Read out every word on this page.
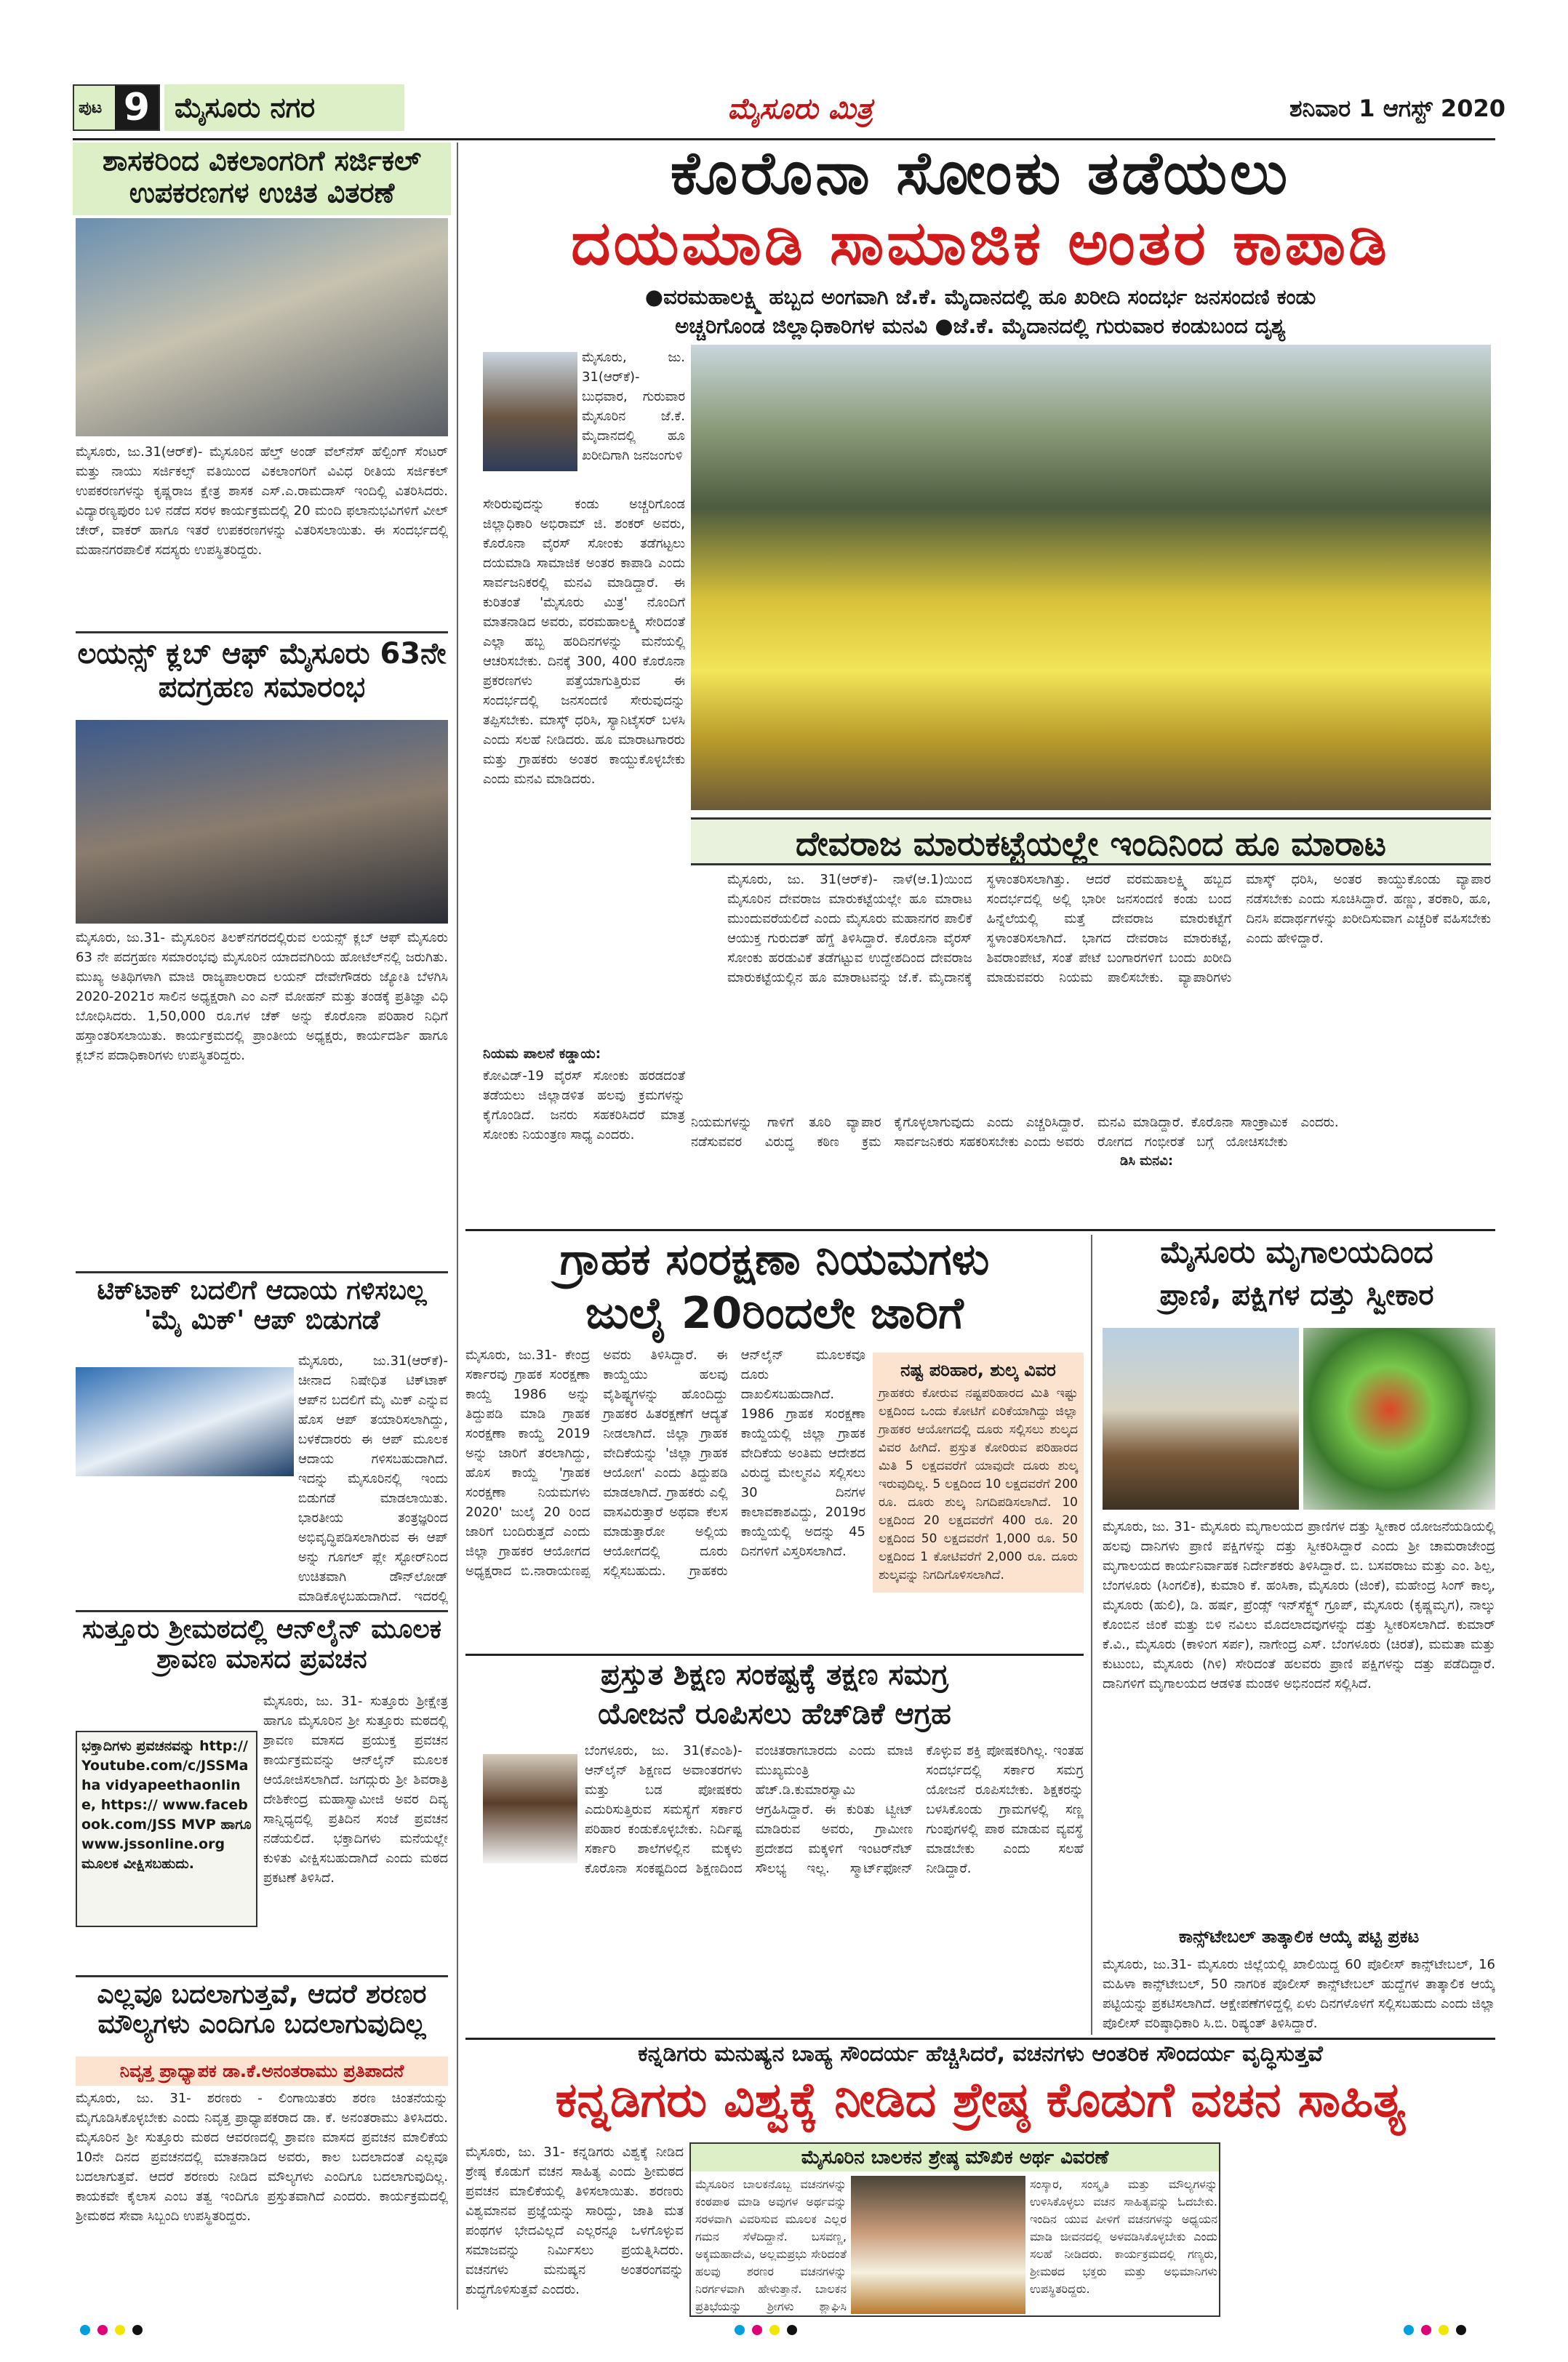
ಪುಟ 9 ಮೈಸೂರು ನಗರ	ಮೈಸೂರು ಮಿತ್ರ	ಶನಿವಾರ 1 ಆಗಸ್ಟ್ 2020
ಶಾಸಕರಿಂದ ವಿಕಲಾಂಗರಿಗೆ ಸರ್ಜಿಕಲ್ ಉಪಕರಣಗಳ ಉಚಿತ ವಿತರಣೆ
ಮೈಸೂರು, ಜು.31(ಆರ್‌ಕೆ)- ಮೈಸೂರಿನ ಹೆಲ್ತ್ ಅಂಡ್ ವೆಲ್‌ನೆಸ್ ಹೆಲ್ಪಿಂಗ್ ಸೆಂಟರ್ ಮತ್ತು ನಾಯು ಸರ್ಜಿಕಲ್ಸ್ ವತಿಯಿಂದ ವಿಕಲಾಂಗರಿಗೆ ವಿವಿಧ ರೀತಿಯ ಸರ್ಜಿಕಲ್ ಉಪಕರಣಗಳನ್ನು ಕೃಷ್ಣರಾಜ ಕ್ಷೇತ್ರ ಶಾಸಕ ಎಸ್.ಎ.ರಾಮದಾಸ್ ಇಂದಿಲ್ಲಿ ವಿತರಿಸಿದರು. ವಿದ್ಯಾರಣ್ಯಪುರಂ ಬಳಿ ನಡೆದ ಸರಳ ಕಾರ್ಯಕ್ರಮದಲ್ಲಿ 20 ಮಂದಿ ಫಲಾನುಭವಿಗಳಿಗೆ ವೀಲ್ ಚೇರ್, ವಾಕರ್ ಹಾಗೂ ಇತರೆ ಉಪಕರಣಗಳನ್ನು ವಿತರಿಸಲಾಯಿತು. ಈ ಸಂದರ್ಭದಲ್ಲಿ ಮಹಾನಗರಪಾಲಿಕೆ ಸದಸ್ಯರು ಉಪಸ್ಥಿತರಿದ್ದರು.
ಲಯನ್ಸ್ ಕ್ಲಬ್ ಆಫ್ ಮೈಸೂರು 63ನೇ ಪದಗ್ರಹಣ ಸಮಾರಂಭ
ಮೈಸೂರು, ಜು.31- ಮೈಸೂರಿನ ತಿಲಕ್‌ನಗರದಲ್ಲಿರುವ ಲಯನ್ಸ್ ಕ್ಲಬ್ ಆಫ್ ಮೈಸೂರು 63 ನೇ ಪದಗ್ರಹಣ ಸಮಾರಂಭವು ಮೈಸೂರಿನ ಯಾದವಗಿರಿಯ ಹೋಟೆಲ್‌ನಲ್ಲಿ ಜರುಗಿತು. ಮುಖ್ಯ ಅತಿಥಿಗಳಾಗಿ ಮಾಜಿ ರಾಜ್ಯಪಾಲರಾದ ಲಯನ್ ದೇವೇಗೌಡರು ಜ್ಯೋತಿ ಬೆಳಗಿಸಿ 2020-2021ರ ಸಾಲಿನ ಅಧ್ಯಕ್ಷರಾಗಿ ಎಂ ಎನ್ ಮೋಹನ್ ಮತ್ತು ತಂಡಕ್ಕೆ ಪ್ರತಿಜ್ಞಾ ವಿಧಿ ಬೋಧಿಸಿದರು. 1,50,000 ರೂ.ಗಳ ಚೆಕ್ ಅನ್ನು ಕೊರೊನಾ ಪರಿಹಾರ ನಿಧಿಗೆ ಹಸ್ತಾಂತರಿಸಲಾಯಿತು. ಕಾರ್ಯಕ್ರಮದಲ್ಲಿ ಪ್ರಾಂತೀಯ ಅಧ್ಯಕ್ಷರು, ಕಾರ್ಯದರ್ಶಿ ಹಾಗೂ ಕ್ಲಬ್‌ನ ಪದಾಧಿಕಾರಿಗಳು ಉಪಸ್ಥಿತರಿದ್ದರು.
ಟಿಕ್‌ಟಾಕ್ ಬದಲಿಗೆ ಆದಾಯ ಗಳಿಸಬಲ್ಲ 'ಮೈ ಮಿಕ್' ಆಪ್ ಬಿಡುಗಡೆ
ಮೈಸೂರು, ಜು.31(ಆರ್‌ಕೆ)- ಚೀನಾದ ನಿಷೇಧಿತ ಟಿಕ್‌ಟಾಕ್ ಆಪ್‌ನ ಬದಲಿಗೆ ಮೈ ಮಿಕ್ ಎನ್ನುವ ಹೊಸ ಆಪ್ ತಯಾರಿಸಲಾಗಿದ್ದು, ಬಳಕೆದಾರರು ಈ ಆಪ್ ಮೂಲಕ ಆದಾಯ ಗಳಿಸಬಹುದಾಗಿದೆ. ಇದನ್ನು ಮೈಸೂರಿನಲ್ಲಿ ಇಂದು ಬಿಡುಗಡೆ ಮಾಡಲಾಯಿತು. ಭಾರತೀಯ ತಂತ್ರಜ್ಞರಿಂದ ಅಭಿವೃದ್ಧಿಪಡಿಸಲಾಗಿರುವ ಈ ಆಪ್ ಅನ್ನು ಗೂಗಲ್ ಪ್ಲೇ ಸ್ಟೋರ್‌ನಿಂದ ಉಚಿತವಾಗಿ ಡೌನ್‌ಲೋಡ್ ಮಾಡಿಕೊಳ್ಳಬಹುದಾಗಿದೆ. ಇದರಲ್ಲಿ
ಸುತ್ತೂರು ಶ್ರೀಮಠದಲ್ಲಿ ಆನ್‌ಲೈನ್ ಮೂಲಕ ಶ್ರಾವಣ ಮಾಸದ ಪ್ರವಚನ
ಭಕ್ತಾದಿಗಳು ಪ್ರವಚನವನ್ನು http:// Youtube.com/c/JSSMaha vidyapeethaonline, https:// www.facebook.com/JSS MVP ಹಾಗೂ www.jssonline.org ಮೂಲಕ ವೀಕ್ಷಿಸಬಹುದು.
ಮೈಸೂರು, ಜು. 31- ಸುತ್ತೂರು ಶ್ರೀಕ್ಷೇತ್ರ ಹಾಗೂ ಮೈಸೂರಿನ ಶ್ರೀ ಸುತ್ತೂರು ಮಠದಲ್ಲಿ ಶ್ರಾವಣ ಮಾಸದ ಪ್ರಯುಕ್ತ ಪ್ರವಚನ ಕಾರ್ಯಕ್ರಮವನ್ನು ಆನ್‌ಲೈನ್ ಮೂಲಕ ಆಯೋಜಿಸಲಾಗಿದೆ. ಜಗದ್ಗುರು ಶ್ರೀ ಶಿವರಾತ್ರಿ ದೇಶಿಕೇಂದ್ರ ಮಹಾಸ್ವಾಮೀಜಿ ಅವರ ದಿವ್ಯ ಸಾನ್ನಿಧ್ಯದಲ್ಲಿ ಪ್ರತಿದಿನ ಸಂಜೆ ಪ್ರವಚನ ನಡೆಯಲಿದೆ. ಭಕ್ತಾದಿಗಳು ಮನೆಯಲ್ಲೇ ಕುಳಿತು ವೀಕ್ಷಿಸಬಹುದಾಗಿದೆ ಎಂದು ಮಠದ ಪ್ರಕಟಣೆ ತಿಳಿಸಿದೆ.
ಎಲ್ಲವೂ ಬದಲಾಗುತ್ತವೆ, ಆದರೆ ಶರಣರ ಮೌಲ್ಯಗಳು ಎಂದಿಗೂ ಬದಲಾಗುವುದಿಲ್ಲ
ನಿವೃತ್ತ ಪ್ರಾಧ್ಯಾಪಕ ಡಾ.ಕೆ.ಅನಂತರಾಮು ಪ್ರತಿಪಾದನೆ
ಮೈಸೂರು, ಜು. 31- ಶರಣರು - ಲಿಂಗಾಯಿತರು ಶರಣ ಚಿಂತನೆಯನ್ನು ಮೈಗೂಡಿಸಿಕೊಳ್ಳಬೇಕು ಎಂದು ನಿವೃತ್ತ ಪ್ರಾಧ್ಯಾಪಕರಾದ ಡಾ. ಕೆ. ಅನಂತರಾಮು ತಿಳಿಸಿದರು. ಮೈಸೂರಿನ ಶ್ರೀ ಸುತ್ತೂರು ಮಠದ ಆವರಣದಲ್ಲಿ ಶ್ರಾವಣ ಮಾಸದ ಪ್ರವಚನ ಮಾಲಿಕೆಯ 10ನೇ ದಿನದ ಪ್ರವಚನದಲ್ಲಿ ಮಾತನಾಡಿದ ಅವರು, ಕಾಲ ಬದಲಾದಂತೆ ಎಲ್ಲವೂ ಬದಲಾಗುತ್ತವೆ. ಆದರೆ ಶರಣರು ನೀಡಿದ ಮೌಲ್ಯಗಳು ಎಂದಿಗೂ ಬದಲಾಗುವುದಿಲ್ಲ. ಕಾಯಕವೇ ಕೈಲಾಸ ಎಂಬ ತತ್ವ ಇಂದಿಗೂ ಪ್ರಸ್ತುತವಾಗಿದೆ ಎಂದರು. ಕಾರ್ಯಕ್ರಮದಲ್ಲಿ ಶ್ರೀಮಠದ ಸೇವಾ ಸಿಬ್ಬಂದಿ ಉಪಸ್ಥಿತರಿದ್ದರು.
ಕೊರೊನಾ ಸೋಂಕು ತಡೆಯಲು
ದಯಮಾಡಿ ಸಾಮಾಜಿಕ ಅಂತರ ಕಾಪಾಡಿ
●ವರಮಹಾಲಕ್ಷ್ಮಿ ಹಬ್ಬದ ಅಂಗವಾಗಿ ಜೆ.ಕೆ. ಮೈದಾನದಲ್ಲಿ ಹೂ ಖರೀದಿ ಸಂದರ್ಭ ಜನಸಂದಣಿ ಕಂಡು
ಅಚ್ಚರಿಗೊಂಡ ಜಿಲ್ಲಾಧಿಕಾರಿಗಳ ಮನವಿ ●ಜೆ.ಕೆ. ಮೈದಾನದಲ್ಲಿ ಗುರುವಾರ ಕಂಡುಬಂದ ದೃಶ್ಯ
ಮೈಸೂರು, ಜು. 31(ಆರ್‌ಕೆ)- ಬುಧವಾರ, ಗುರುವಾರ ಮೈಸೂರಿನ ಜೆ.ಕೆ. ಮೈದಾನದಲ್ಲಿ ಹೂ ಖರೀದಿಗಾಗಿ ಜನಜಂಗುಳಿ
ಸೇರಿರುವುದನ್ನು ಕಂಡು ಅಚ್ಚರಿಗೊಂಡ ಜಿಲ್ಲಾಧಿಕಾರಿ ಅಭಿರಾಮ್ ಜಿ. ಶಂಕರ್ ಅವರು, ಕೊರೊನಾ ವೈರಸ್ ಸೋಂಕು ತಡೆಗಟ್ಟಲು ದಯಮಾಡಿ ಸಾಮಾಜಿಕ ಅಂತರ ಕಾಪಾಡಿ ಎಂದು ಸಾರ್ವಜನಿಕರಲ್ಲಿ ಮನವಿ ಮಾಡಿದ್ದಾರೆ. ಈ ಕುರಿತಂತೆ 'ಮೈಸೂರು ಮಿತ್ರ' ನೊಂದಿಗೆ ಮಾತನಾಡಿದ ಅವರು, ವರಮಹಾಲಕ್ಷ್ಮಿ ಸೇರಿದಂತೆ ಎಲ್ಲಾ ಹಬ್ಬ ಹರಿದಿನಗಳನ್ನು ಮನೆಯಲ್ಲಿ ಆಚರಿಸಬೇಕು. ದಿನಕ್ಕೆ 300, 400 ಕೊರೊನಾ ಪ್ರಕರಣಗಳು ಪತ್ತೆಯಾಗುತ್ತಿರುವ ಈ ಸಂದರ್ಭದಲ್ಲಿ ಜನಸಂದಣಿ ಸೇರುವುದನ್ನು ತಪ್ಪಿಸಬೇಕು. ಮಾಸ್ಕ್ ಧರಿಸಿ, ಸ್ಯಾನಿಟೈಸರ್ ಬಳಸಿ ಎಂದು ಸಲಹೆ ನೀಡಿದರು. ಹೂ ಮಾರಾಟಗಾರರು ಮತ್ತು ಗ್ರಾಹಕರು ಅಂತರ ಕಾಯ್ದುಕೊಳ್ಳಬೇಕು ಎಂದು ಮನವಿ ಮಾಡಿದರು.
ನಿಯಮ ಪಾಲನೆ ಕಡ್ಡಾಯ:
ಕೋವಿಡ್-19 ವೈರಸ್ ಸೋಂಕು ಹರಡದಂತೆ ತಡೆಯಲು ಜಿಲ್ಲಾಡಳಿತ ಹಲವು ಕ್ರಮಗಳನ್ನು ಕೈಗೊಂಡಿದೆ. ಜನರು ಸಹಕರಿಸಿದರೆ ಮಾತ್ರ ಸೋಂಕು ನಿಯಂತ್ರಣ ಸಾಧ್ಯ ಎಂದರು.
ದೇವರಾಜ ಮಾರುಕಟ್ಟೆಯಲ್ಲೇ ಇಂದಿನಿಂದ ಹೂ ಮಾರಾಟ
ಮೈಸೂರು, ಜು. 31(ಆರ್‌ಕೆ)- ನಾಳೆ(ಆ.1)ಯಿಂದ ಮೈಸೂರಿನ ದೇವರಾಜ ಮಾರುಕಟ್ಟೆಯಲ್ಲೇ ಹೂ ಮಾರಾಟ ಮುಂದುವರೆಯಲಿದೆ ಎಂದು ಮೈಸೂರು ಮಹಾನಗರ ಪಾಲಿಕೆ ಆಯುಕ್ತ ಗುರುದತ್ ಹೆಗ್ಡೆ ತಿಳಿಸಿದ್ದಾರೆ. ಕೊರೊನಾ ವೈರಸ್ ಸೋಂಕು ಹರಡುವಿಕೆ ತಡೆಗಟ್ಟುವ ಉದ್ದೇಶದಿಂದ ದೇವರಾಜ ಮಾರುಕಟ್ಟೆಯಲ್ಲಿನ ಹೂ ಮಾರಾಟವನ್ನು ಜೆ.ಕೆ. ಮೈದಾನಕ್ಕೆ ಸ್ಥಳಾಂತರಿಸಲಾಗಿತ್ತು. ಆದರೆ ವರಮಹಾಲಕ್ಷ್ಮಿ ಹಬ್ಬದ ಸಂದರ್ಭದಲ್ಲಿ ಅಲ್ಲಿ ಭಾರೀ ಜನಸಂದಣಿ ಕಂಡು ಬಂದ ಹಿನ್ನೆಲೆಯಲ್ಲಿ ಮತ್ತೆ ದೇವರಾಜ ಮಾರುಕಟ್ಟೆಗೆ ಸ್ಥಳಾಂತರಿಸಲಾಗಿದೆ. ಭಾಗದ ದೇವರಾಜ ಮಾರುಕಟ್ಟೆ, ಶಿವರಾಂಪೇಟೆ, ಸಂತೆ ಪೇಟೆ ಬಂಗಾರಗಳಿಗೆ ಬಂದು ಖರೀದಿ ಮಾಡುವವರು ನಿಯಮ ಪಾಲಿಸಬೇಕು. ವ್ಯಾಪಾರಿಗಳು ಮಾಸ್ಕ್ ಧರಿಸಿ, ಅಂತರ ಕಾಯ್ದುಕೊಂಡು ವ್ಯಾಪಾರ ನಡೆಸಬೇಕು ಎಂದು ಸೂಚಿಸಿದ್ದಾರೆ. ಹಣ್ಣು, ತರಕಾರಿ, ಹೂ, ದಿನಸಿ ಪದಾರ್ಥಗಳನ್ನು ಖರೀದಿಸುವಾಗ ಎಚ್ಚರಿಕೆ ವಹಿಸಬೇಕು ಎಂದು ಹೇಳಿದ್ದಾರೆ.
ನಿಯಮಗಳನ್ನು ಗಾಳಿಗೆ ತೂರಿ ವ್ಯಾಪಾರ ನಡೆಸುವವರ ವಿರುದ್ಧ ಕಠಿಣ ಕ್ರಮ ಕೈಗೊಳ್ಳಲಾಗುವುದು ಎಂದು ಎಚ್ಚರಿಸಿದ್ದಾರೆ. ಸಾರ್ವಜನಿಕರು ಸಹಕರಿಸಬೇಕು ಎಂದು ಅವರು ಮನವಿ ಮಾಡಿದ್ದಾರೆ. ಕೊರೊನಾ ಸಾಂಕ್ರಾಮಿಕ ರೋಗದ ಗಂಭೀರತೆ ಬಗ್ಗೆ ಯೋಚಿಸಬೇಕು ಎಂದರು.
ಡಿಸಿ ಮನವಿ:
ಗ್ರಾಹಕ ಸಂರಕ್ಷಣಾ ನಿಯಮಗಳು
ಜುಲೈ 20ರಿಂದಲೇ ಜಾರಿಗೆ
ಮೈಸೂರು, ಜು.31- ಕೇಂದ್ರ ಸರ್ಕಾರವು ಗ್ರಾಹಕ ಸಂರಕ್ಷಣಾ ಕಾಯ್ದೆ 1986 ಅನ್ನು ತಿದ್ದುಪಡಿ ಮಾಡಿ ಗ್ರಾಹಕ ಸಂರಕ್ಷಣಾ ಕಾಯ್ದೆ 2019 ಅನ್ನು ಜಾರಿಗೆ ತರಲಾಗಿದ್ದು, ಹೊಸ ಕಾಯ್ದೆ 'ಗ್ರಾಹಕ ಸಂರಕ್ಷಣಾ ನಿಯಮಗಳು 2020' ಜುಲೈ 20 ರಿಂದ ಜಾರಿಗೆ ಬಂದಿರುತ್ತದೆ ಎಂದು ಜಿಲ್ಲಾ ಗ್ರಾಹಕರ ಆಯೋಗದ ಅಧ್ಯಕ್ಷರಾದ ಬಿ.ನಾರಾಯಣಪ್ಪ ಅವರು ತಿಳಿಸಿದ್ದಾರೆ. ಈ ಕಾಯ್ದೆಯು ಹಲವು ವೈಶಿಷ್ಟ್ಯಗಳನ್ನು ಹೊಂದಿದ್ದು ಗ್ರಾಹಕರ ಹಿತರಕ್ಷಣೆಗೆ ಆದ್ಯತೆ ನೀಡಲಾಗಿದೆ. ಜಿಲ್ಲಾ ಗ್ರಾಹಕ ವೇದಿಕೆಯನ್ನು 'ಜಿಲ್ಲಾ ಗ್ರಾಹಕ ಆಯೋಗ' ಎಂದು ತಿದ್ದುಪಡಿ ಮಾಡಲಾಗಿದೆ. ಗ್ರಾಹಕರು ಎಲ್ಲಿ ವಾಸವಿರುತ್ತಾರೆ ಅಥವಾ ಕೆಲಸ ಮಾಡುತ್ತಾರೋ ಅಲ್ಲಿಯ ಆಯೋಗದಲ್ಲಿ ದೂರು ಸಲ್ಲಿಸಬಹುದು. ಗ್ರಾಹಕರು ಆನ್‌ಲೈನ್ ಮೂಲಕವೂ ದೂರು ದಾಖಲಿಸಬಹುದಾಗಿದೆ. 1986 ಗ್ರಾಹಕ ಸಂರಕ್ಷಣಾ ಕಾಯ್ದೆಯಲ್ಲಿ ಜಿಲ್ಲಾ ಗ್ರಾಹಕ ವೇದಿಕೆಯ ಅಂತಿಮ ಆದೇಶದ ವಿರುದ್ಧ ಮೇಲ್ಮನವಿ ಸಲ್ಲಿಸಲು 30 ದಿನಗಳ ಕಾಲಾವಕಾಶವಿದ್ದು, 2019ರ ಕಾಯ್ದೆಯಲ್ಲಿ ಅದನ್ನು 45 ದಿನಗಳಿಗೆ ವಿಸ್ತರಿಸಲಾಗಿದೆ.
ನಷ್ಟ ಪರಿಹಾರ, ಶುಲ್ಕ ವಿವರ
ಗ್ರಾಹಕರು ಕೋರುವ ನಷ್ಟಪರಿಹಾರದ ಮಿತಿ ಇಷ್ಟು ಲಕ್ಷದಿಂದ ಒಂದು ಕೋಟಿಗೆ ಏರಿಕೆಯಾಗಿದ್ದು ಜಿಲ್ಲಾ ಗ್ರಾಹಕರ ಆಯೋಗದಲ್ಲಿ ದೂರು ಸಲ್ಲಿಸಲು ಶುಲ್ಕದ ವಿವರ ಹೀಗಿದೆ. ಪ್ರಸ್ತುತ ಕೋರಿರುವ ಪರಿಹಾರದ ಮಿತಿ 5 ಲಕ್ಷದವರೆಗೆ ಯಾವುದೇ ದೂರು ಶುಲ್ಕ ಇರುವುದಿಲ್ಲ. 5 ಲಕ್ಷದಿಂದ 10 ಲಕ್ಷದವರೆಗೆ 200 ರೂ. ದೂರು ಶುಲ್ಕ ನಿಗದಿಪಡಿಸಲಾಗಿದೆ. 10 ಲಕ್ಷದಿಂದ 20 ಲಕ್ಷದವರೆಗೆ 400 ರೂ. 20 ಲಕ್ಷದಿಂದ 50 ಲಕ್ಷದವರೆಗೆ 1,000 ರೂ. 50 ಲಕ್ಷದಿಂದ 1 ಕೋಟಿವರೆಗೆ 2,000 ರೂ. ದೂರು ಶುಲ್ಕವನ್ನು ನಿಗದಿಗೊಳಿಸಲಾಗಿದೆ.
ಪ್ರಸ್ತುತ ಶಿಕ್ಷಣ ಸಂಕಷ್ಟಕ್ಕೆ ತಕ್ಷಣ ಸಮಗ್ರ
ಯೋಜನೆ ರೂಪಿಸಲು ಹೆಚ್‌ಡಿಕೆ ಆಗ್ರಹ
ಬೆಂಗಳೂರು, ಜು. 31(ಕೆಎಂಶಿ)- ಆನ್‌ಲೈನ್ ಶಿಕ್ಷಣದ ಅವಾಂತರಗಳು ಮತ್ತು ಬಡ ಪೋಷಕರು ಎದುರಿಸುತ್ತಿರುವ ಸಮಸ್ಯೆಗೆ ಸರ್ಕಾರ ಪರಿಹಾರ ಕಂಡುಕೊಳ್ಳಬೇಕು. ನಿರ್ದಿಷ್ಟ ಸರ್ಕಾರಿ ಶಾಲೆಗಳಲ್ಲಿನ ಮಕ್ಕಳು ಕೊರೊನಾ ಸಂಕಷ್ಟದಿಂದ ಶಿಕ್ಷಣದಿಂದ ವಂಚಿತರಾಗಬಾರದು ಎಂದು ಮಾಜಿ ಮುಖ್ಯಮಂತ್ರಿ ಹೆಚ್.ಡಿ.ಕುಮಾರಸ್ವಾಮಿ ಆಗ್ರಹಿಸಿದ್ದಾರೆ. ಈ ಕುರಿತು ಟ್ವೀಟ್ ಮಾಡಿರುವ ಅವರು, ಗ್ರಾಮೀಣ ಪ್ರದೇಶದ ಮಕ್ಕಳಿಗೆ ಇಂಟರ್‌ನೆಟ್ ಸೌಲಭ್ಯ ಇಲ್ಲ. ಸ್ಮಾರ್ಟ್‌ಫೋನ್ ಕೊಳ್ಳುವ ಶಕ್ತಿ ಪೋಷಕರಿಗಿಲ್ಲ. ಇಂತಹ ಸಂದರ್ಭದಲ್ಲಿ ಸರ್ಕಾರ ಸಮಗ್ರ ಯೋಜನೆ ರೂಪಿಸಬೇಕು. ಶಿಕ್ಷಕರನ್ನು ಬಳಸಿಕೊಂಡು ಗ್ರಾಮಗಳಲ್ಲಿ ಸಣ್ಣ ಗುಂಪುಗಳಲ್ಲಿ ಪಾಠ ಮಾಡುವ ವ್ಯವಸ್ಥೆ ಮಾಡಬೇಕು ಎಂದು ಸಲಹೆ ನೀಡಿದ್ದಾರೆ.
ಮೈಸೂರು ಮೃಗಾಲಯದಿಂದ
ಪ್ರಾಣಿ, ಪಕ್ಷಿಗಳ ದತ್ತು ಸ್ವೀಕಾರ
ಮೈಸೂರು, ಜು. 31- ಮೈಸೂರು ಮೃಗಾಲಯದ ಪ್ರಾಣಿಗಳ ದತ್ತು ಸ್ವೀಕಾರ ಯೋಜನೆಯಡಿಯಲ್ಲಿ ಹಲವು ದಾನಿಗಳು ಪ್ರಾಣಿ ಪಕ್ಷಿಗಳನ್ನು ದತ್ತು ಸ್ವೀಕರಿಸಿದ್ದಾರೆ ಎಂದು ಶ್ರೀ ಚಾಮರಾಜೇಂದ್ರ ಮೃಗಾಲಯದ ಕಾರ್ಯನಿರ್ವಾಹಕ ನಿರ್ದೇಶಕರು ತಿಳಿಸಿದ್ದಾರೆ. ಬಿ. ಬಸವರಾಜು ಮತ್ತು ಎಂ. ಶಿಲ್ಪ, ಬೆಂಗಳೂರು (ಸಿಂಗಲಿಕ), ಕುಮಾರಿ ಕೆ. ಹಂಸಿಕಾ, ಮೈಸೂರು (ಜಿಂಕೆ), ಮಹೇಂದ್ರ ಸಿಂಗ್ ಕಾಲ್ಕ, ಮೈಸೂರು (ಹುಲಿ), ಡಿ. ಹರ್ಷ, ಪ್ರೆಂಡ್ಸ್ ಇನ್‌ಸೆಕ್ಟ್ಸ್ ಗ್ರೂಪ್, ಮೈಸೂರು (ಕೃಷ್ಣಮೃಗ), ನಾಲ್ಕು ಕೊಂಬಿನ ಜಿಂಕೆ ಮತ್ತು ಬಿಳಿ ನವಿಲು ಮೊದಲಾದವುಗಳನ್ನು ದತ್ತು ಸ್ವೀಕರಿಸಲಾಗಿದೆ. ಕುಮಾರ್ ಕೆ.ವಿ., ಮೈಸೂರು (ಕಾಳಿಂಗ ಸರ್ಪ), ನಾಗೇಂದ್ರ ಎಸ್. ಬೆಂಗಳೂರು (ಚಿರತೆ), ಮಮತಾ ಮತ್ತು ಕುಟುಂಬ, ಮೈಸೂರು (ಗಿಳಿ) ಸೇರಿದಂತೆ ಹಲವರು ಪ್ರಾಣಿ ಪಕ್ಷಿಗಳನ್ನು ದತ್ತು ಪಡೆದಿದ್ದಾರೆ. ದಾನಿಗಳಿಗೆ ಮೃಗಾಲಯದ ಆಡಳಿತ ಮಂಡಳಿ ಅಭಿನಂದನೆ ಸಲ್ಲಿಸಿದೆ.
ಕಾನ್ಸ್‌ಟೇಬಲ್ ತಾತ್ಕಾಲಿಕ ಆಯ್ಕೆ ಪಟ್ಟಿ ಪ್ರಕಟ
ಮೈಸೂರು, ಜು.31- ಮೈಸೂರು ಜಿಲ್ಲೆಯಲ್ಲಿ ಖಾಲಿಯಿದ್ದ 60 ಪೊಲೀಸ್ ಕಾನ್ಸ್‌ಟೇಬಲ್, 16 ಮಹಿಳಾ ಕಾನ್ಸ್‌ಟೇಬಲ್, 50 ನಾಗರಿಕ ಪೊಲೀಸ್ ಕಾನ್ಸ್‌ಟೇಬಲ್ ಹುದ್ದೆಗಳ ತಾತ್ಕಾಲಿಕ ಆಯ್ಕೆ ಪಟ್ಟಿಯನ್ನು ಪ್ರಕಟಿಸಲಾಗಿದೆ. ಆಕ್ಷೇಪಣೆಗಳಿದ್ದಲ್ಲಿ ಏಳು ದಿನಗಳೊಳಗೆ ಸಲ್ಲಿಸಬಹುದು ಎಂದು ಜಿಲ್ಲಾ ಪೊಲೀಸ್ ವರಿಷ್ಠಾಧಿಕಾರಿ ಸಿ.ಬಿ. ರಿಷ್ಯಂತ್ ತಿಳಿಸಿದ್ದಾರೆ.
ಕನ್ನಡಿಗರು ಮನುಷ್ಯನ ಬಾಹ್ಯ ಸೌಂದರ್ಯ ಹೆಚ್ಚಿಸಿದರೆ, ವಚನಗಳು ಆಂತರಿಕ ಸೌಂದರ್ಯ ವೃದ್ಧಿಸುತ್ತವೆ
ಕನ್ನಡಿಗರು ವಿಶ್ವಕ್ಕೆ ನೀಡಿದ ಶ್ರೇಷ್ಠ ಕೊಡುಗೆ ವಚನ ಸಾಹಿತ್ಯ
ಮೈಸೂರು, ಜು. 31- ಕನ್ನಡಿಗರು ವಿಶ್ವಕ್ಕೆ ನೀಡಿದ ಶ್ರೇಷ್ಠ ಕೊಡುಗೆ ವಚನ ಸಾಹಿತ್ಯ ಎಂದು ಶ್ರೀಮಠದ ಪ್ರವಚನ ಮಾಲಿಕೆಯಲ್ಲಿ ತಿಳಿಸಲಾಯಿತು. ಶರಣರು ವಿಶ್ವಮಾನವ ಪ್ರಜ್ಞೆಯನ್ನು ಸಾರಿದ್ದು, ಜಾತಿ ಮತ ಪಂಥಗಳ ಭೇದವಿಲ್ಲದೆ ಎಲ್ಲರನ್ನೂ ಒಳಗೊಳ್ಳುವ ಸಮಾಜವನ್ನು ನಿರ್ಮಿಸಲು ಪ್ರಯತ್ನಿಸಿದರು. ವಚನಗಳು ಮನುಷ್ಯನ ಅಂತರಂಗವನ್ನು ಶುದ್ಧಗೊಳಿಸುತ್ತವೆ ಎಂದರು.
ಮೈಸೂರಿನ ಬಾಲಕನ ಶ್ರೇಷ್ಠ ಮೌಖಿಕ ಅರ್ಥ ವಿವರಣೆ
ಮೈಸೂರಿನ ಬಾಲಕನೊಬ್ಬ ವಚನಗಳನ್ನು ಕಂಠಪಾಠ ಮಾಡಿ ಅವುಗಳ ಅರ್ಥವನ್ನು ಸರಳವಾಗಿ ವಿವರಿಸುವ ಮೂಲಕ ಎಲ್ಲರ ಗಮನ ಸೆಳೆದಿದ್ದಾನೆ. ಬಸವಣ್ಣ, ಅಕ್ಕಮಹಾದೇವಿ, ಅಲ್ಲಮಪ್ರಭು ಸೇರಿದಂತೆ ಹಲವು ಶರಣರ ವಚನಗಳನ್ನು ನಿರರ್ಗಳವಾಗಿ ಹೇಳುತ್ತಾನೆ. ಬಾಲಕನ ಪ್ರತಿಭೆಯನ್ನು ಶ್ರೀಗಳು ಶ್ಲಾಘಿಸಿ
ಸಂಸ್ಕಾರ, ಸಂಸ್ಕೃತಿ ಮತ್ತು ಮೌಲ್ಯಗಳನ್ನು ಉಳಿಸಿಕೊಳ್ಳಲು ವಚನ ಸಾಹಿತ್ಯವನ್ನು ಓದಬೇಕು. ಇಂದಿನ ಯುವ ಪೀಳಿಗೆ ವಚನಗಳನ್ನು ಅಧ್ಯಯನ ಮಾಡಿ ಜೀವನದಲ್ಲಿ ಅಳವಡಿಸಿಕೊಳ್ಳಬೇಕು ಎಂದು ಸಲಹೆ ನೀಡಿದರು. ಕಾರ್ಯಕ್ರಮದಲ್ಲಿ ಗಣ್ಯರು, ಶ್ರೀಮಠದ ಭಕ್ತರು ಮತ್ತು ಅಭಿಮಾನಿಗಳು ಉಪಸ್ಥಿತರಿದ್ದರು.
